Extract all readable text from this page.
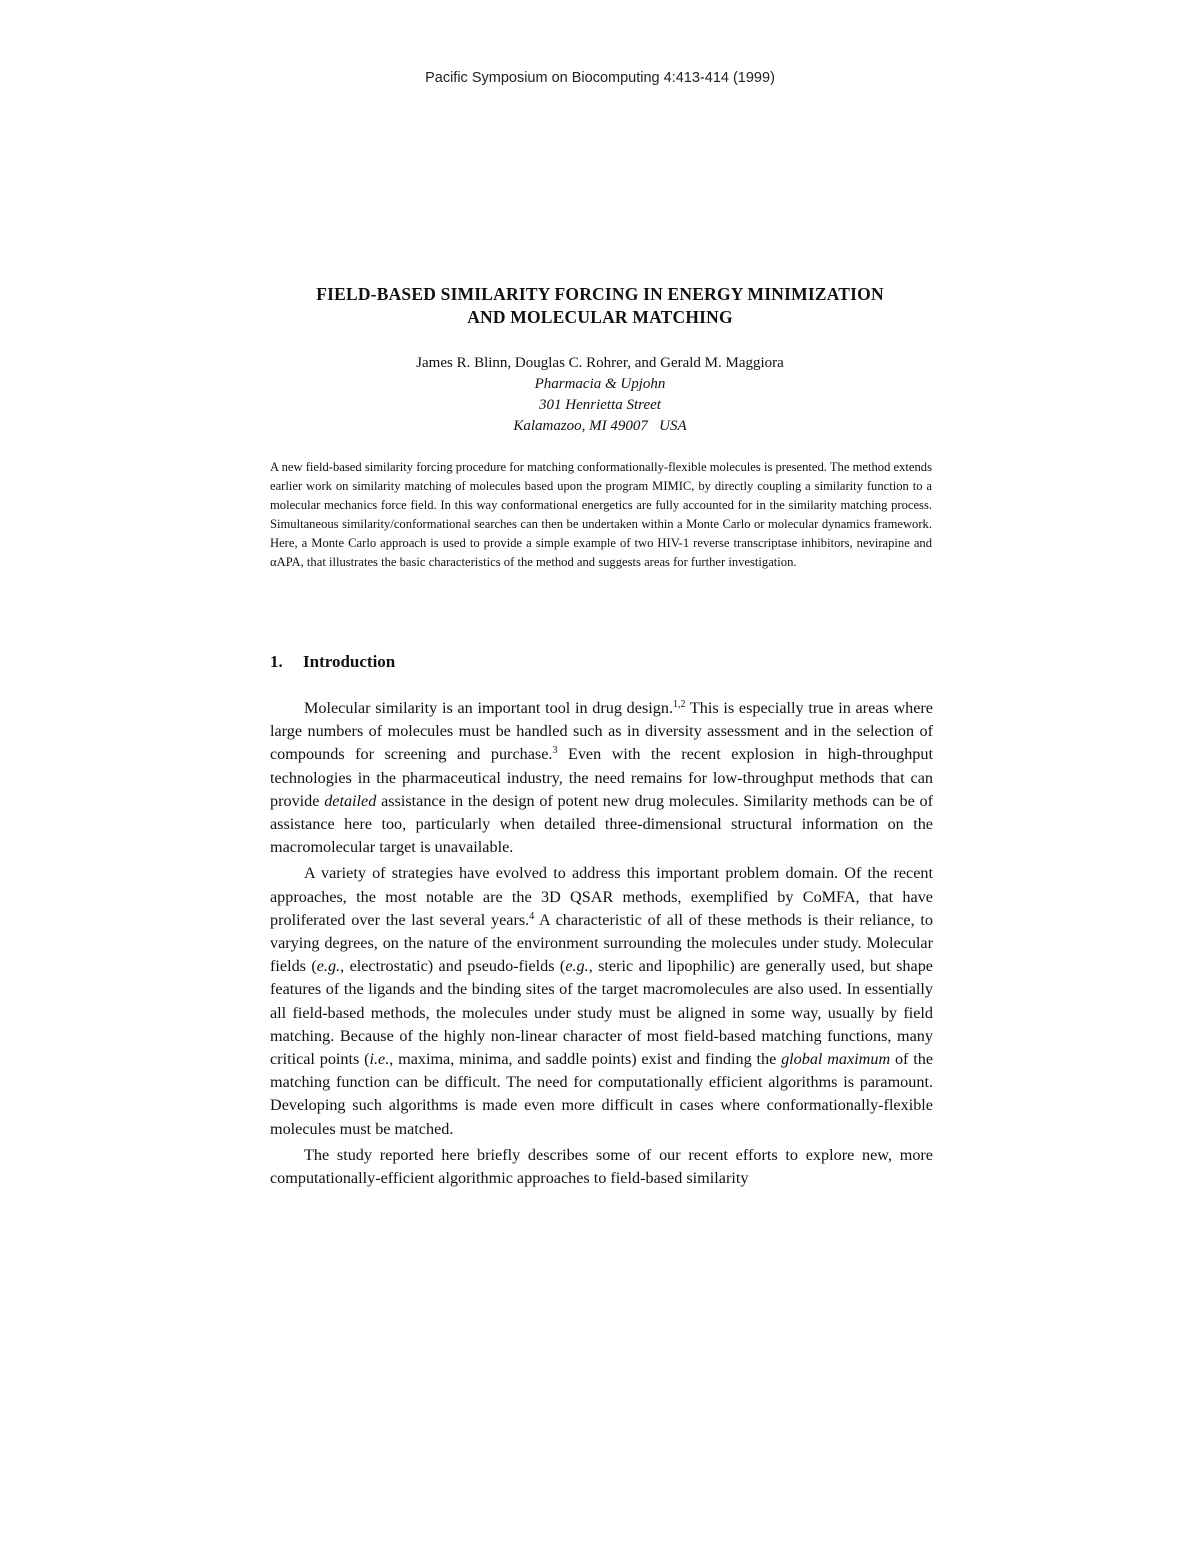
Pacific Symposium on Biocomputing 4:413-414 (1999)
FIELD-BASED SIMILARITY FORCING IN ENERGY MINIMIZATION
AND MOLECULAR MATCHING
James R. Blinn, Douglas C. Rohrer, and Gerald M. Maggiora
Pharmacia & Upjohn
301 Henrietta Street
Kalamazoo, MI 49007   USA

A new field-based similarity forcing procedure for matching conformationally-flexible molecules is presented. The method extends earlier work on similarity matching of molecules based upon the program MIMIC, by directly coupling a similarity function to a molecular mechanics force field. In this way conformational energetics are fully accounted for in the similarity matching process. Simultaneous similarity/conformational searches can then be undertaken within a Monte Carlo or molecular dynamics framework. Here, a Monte Carlo approach is used to provide a simple example of two HIV-1 reverse transcriptase inhibitors, nevirapine and αAPA, that illustrates the basic characteristics of the method and suggests areas for further investigation.

1. Introduction

Molecular similarity is an important tool in drug design.$^{1,2}$ This is especially true in areas where large numbers of molecules must be handled such as in diversity assessment and in the selection of compounds for screening and purchase.$^3$ Even with the recent explosion in high-throughput technologies in the pharmaceutical industry, the need remains for low-throughput methods that can provide detailed assistance in the design of potent new drug molecules. Similarity methods can be of assistance here too, particularly when detailed three-dimensional structural information on the macromolecular target is unavailable.

A variety of strategies have evolved to address this important problem domain. Of the recent approaches, the most notable are the 3D QSAR methods, exemplified by CoMFA, that have proliferated over the last several years.$^4$ A characteristic of all of these methods is their reliance, to varying degrees, on the nature of the environment surrounding the molecules under study. Molecular fields (e.g., electrostatic) and pseudo-fields (e.g., steric and lipophilic) are generally used, but shape features of the ligands and the binding sites of the target macromolecules are also used. In essentially all field-based methods, the molecules under study must be aligned in some way, usually by field matching. Because of the highly non-linear character of most field-based matching functions, many critical points (i.e., maxima, minima, and saddle points) exist and finding the global maximum of the matching function can be difficult. The need for computationally efficient algorithms is paramount. Developing such algorithms is made even more difficult in cases where conformationally-flexible molecules must be matched.

The study reported here briefly describes some of our recent efforts to explore new, more computationally-efficient algorithmic approaches to field-based similarity
